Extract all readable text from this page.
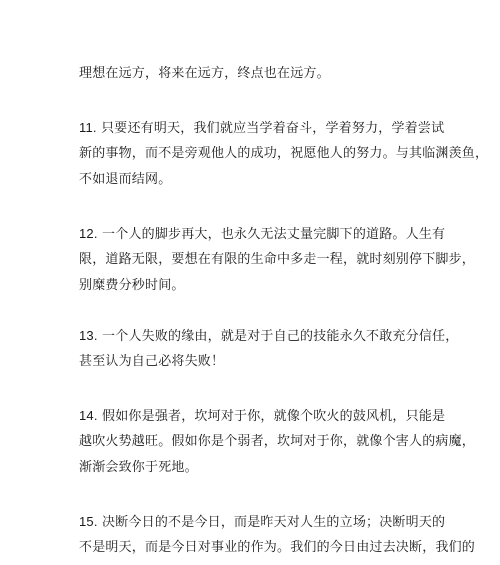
理想在远方，将来在远方，终点也在远方。
11. 只要还有明天，我们就应当学着奋斗，学着努力，学着尝试
新的事物，而不是旁观他人的成功，祝愿他人的努力。与其临渊羡鱼，
不如退而结网。
12. 一个人的脚步再大，也永久无法丈量完脚下的道路。人生有
限，道路无限，要想在有限的生命中多走一程，就时刻别停下脚步，
别糜费分秒时间。
13. 一个人失败的缘由，就是对于自己的技能永久不敢充分信任，
甚至认为自己必将失败！
14. 假如你是强者，坎坷对于你，就像个吹火的鼓风机，只能是
越吹火势越旺。假如你是个弱者，坎坷对于你，就像个害人的病魔，
渐渐会致你于死地。
15. 决断今日的不是今日，而是昨天对人生的立场；决断明天的
不是明天，而是今日对事业的作为。我们的今日由过去决断，我们的
